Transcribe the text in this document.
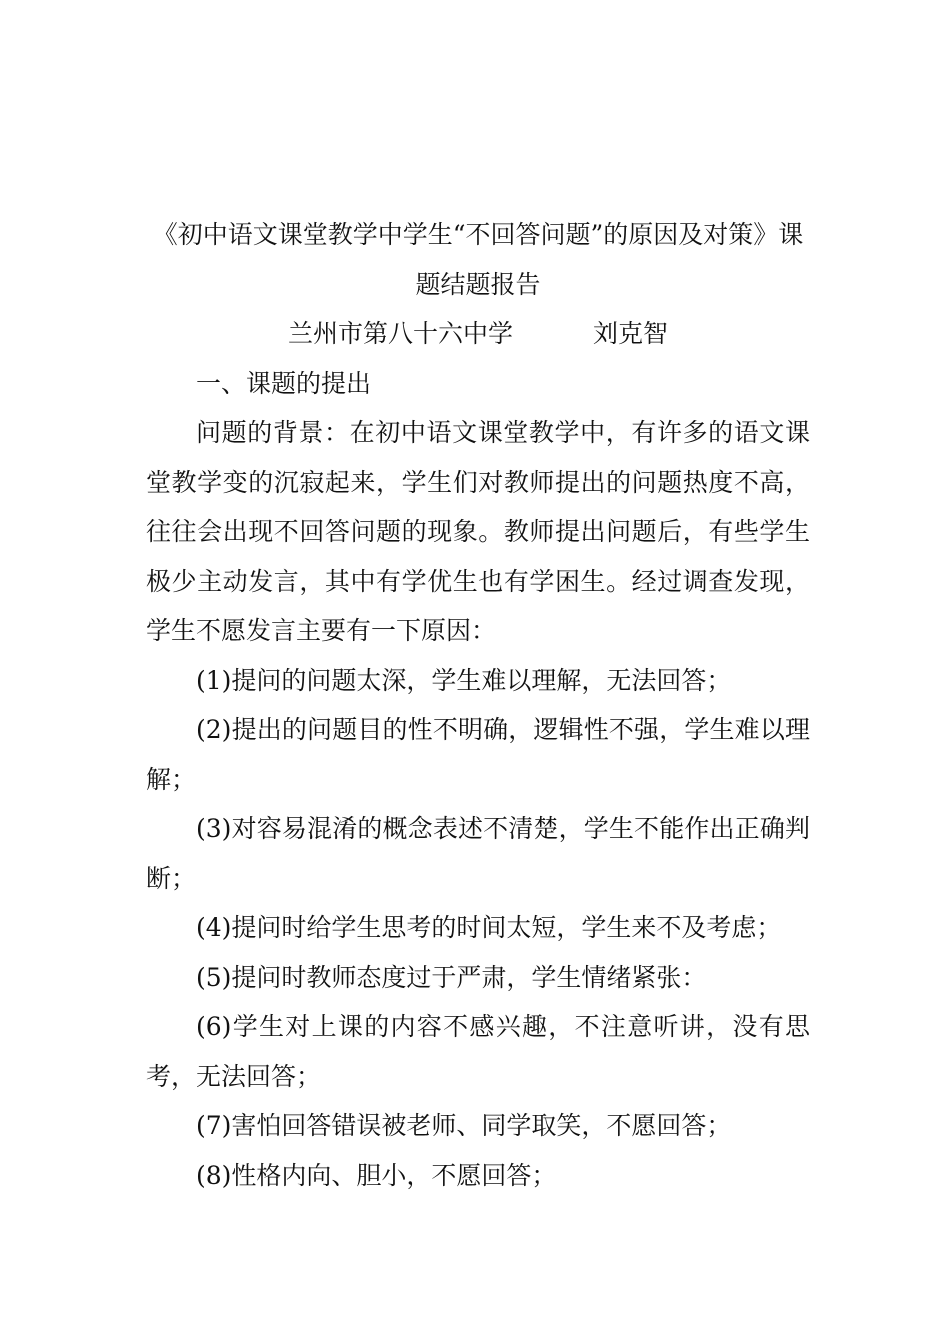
《初中语文课堂教学中学生“不回答问题”的原因及对策》课题结题报告
兰州市第八十六中学	刘克智

一、课题的提出

问题的背景：在初中语文课堂教学中，有许多的语文课堂教学变的沉寂起来，学生们对教师提出的问题热度不高，往往会出现不回答问题的现象。教师提出问题后，有些学生极少主动发言，其中有学优生也有学困生。经过调查发现，学生不愿发言主要有一下原因：

(1)提问的问题太深，学生难以理解，无法回答；

(2)提出的问题目的性不明确，逻辑性不强，学生难以理解；

(3)对容易混淆的概念表述不清楚，学生不能作出正确判断；

(4)提问时给学生思考的时间太短，学生来不及考虑；

(5)提问时教师态度过于严肃，学生情绪紧张：

(6)学生对上课的内容不感兴趣，不注意听讲，没有思考，无法回答；

(7)害怕回答错误被老师、同学取笑，不愿回答；

(8)性格内向、胆小，不愿回答；
